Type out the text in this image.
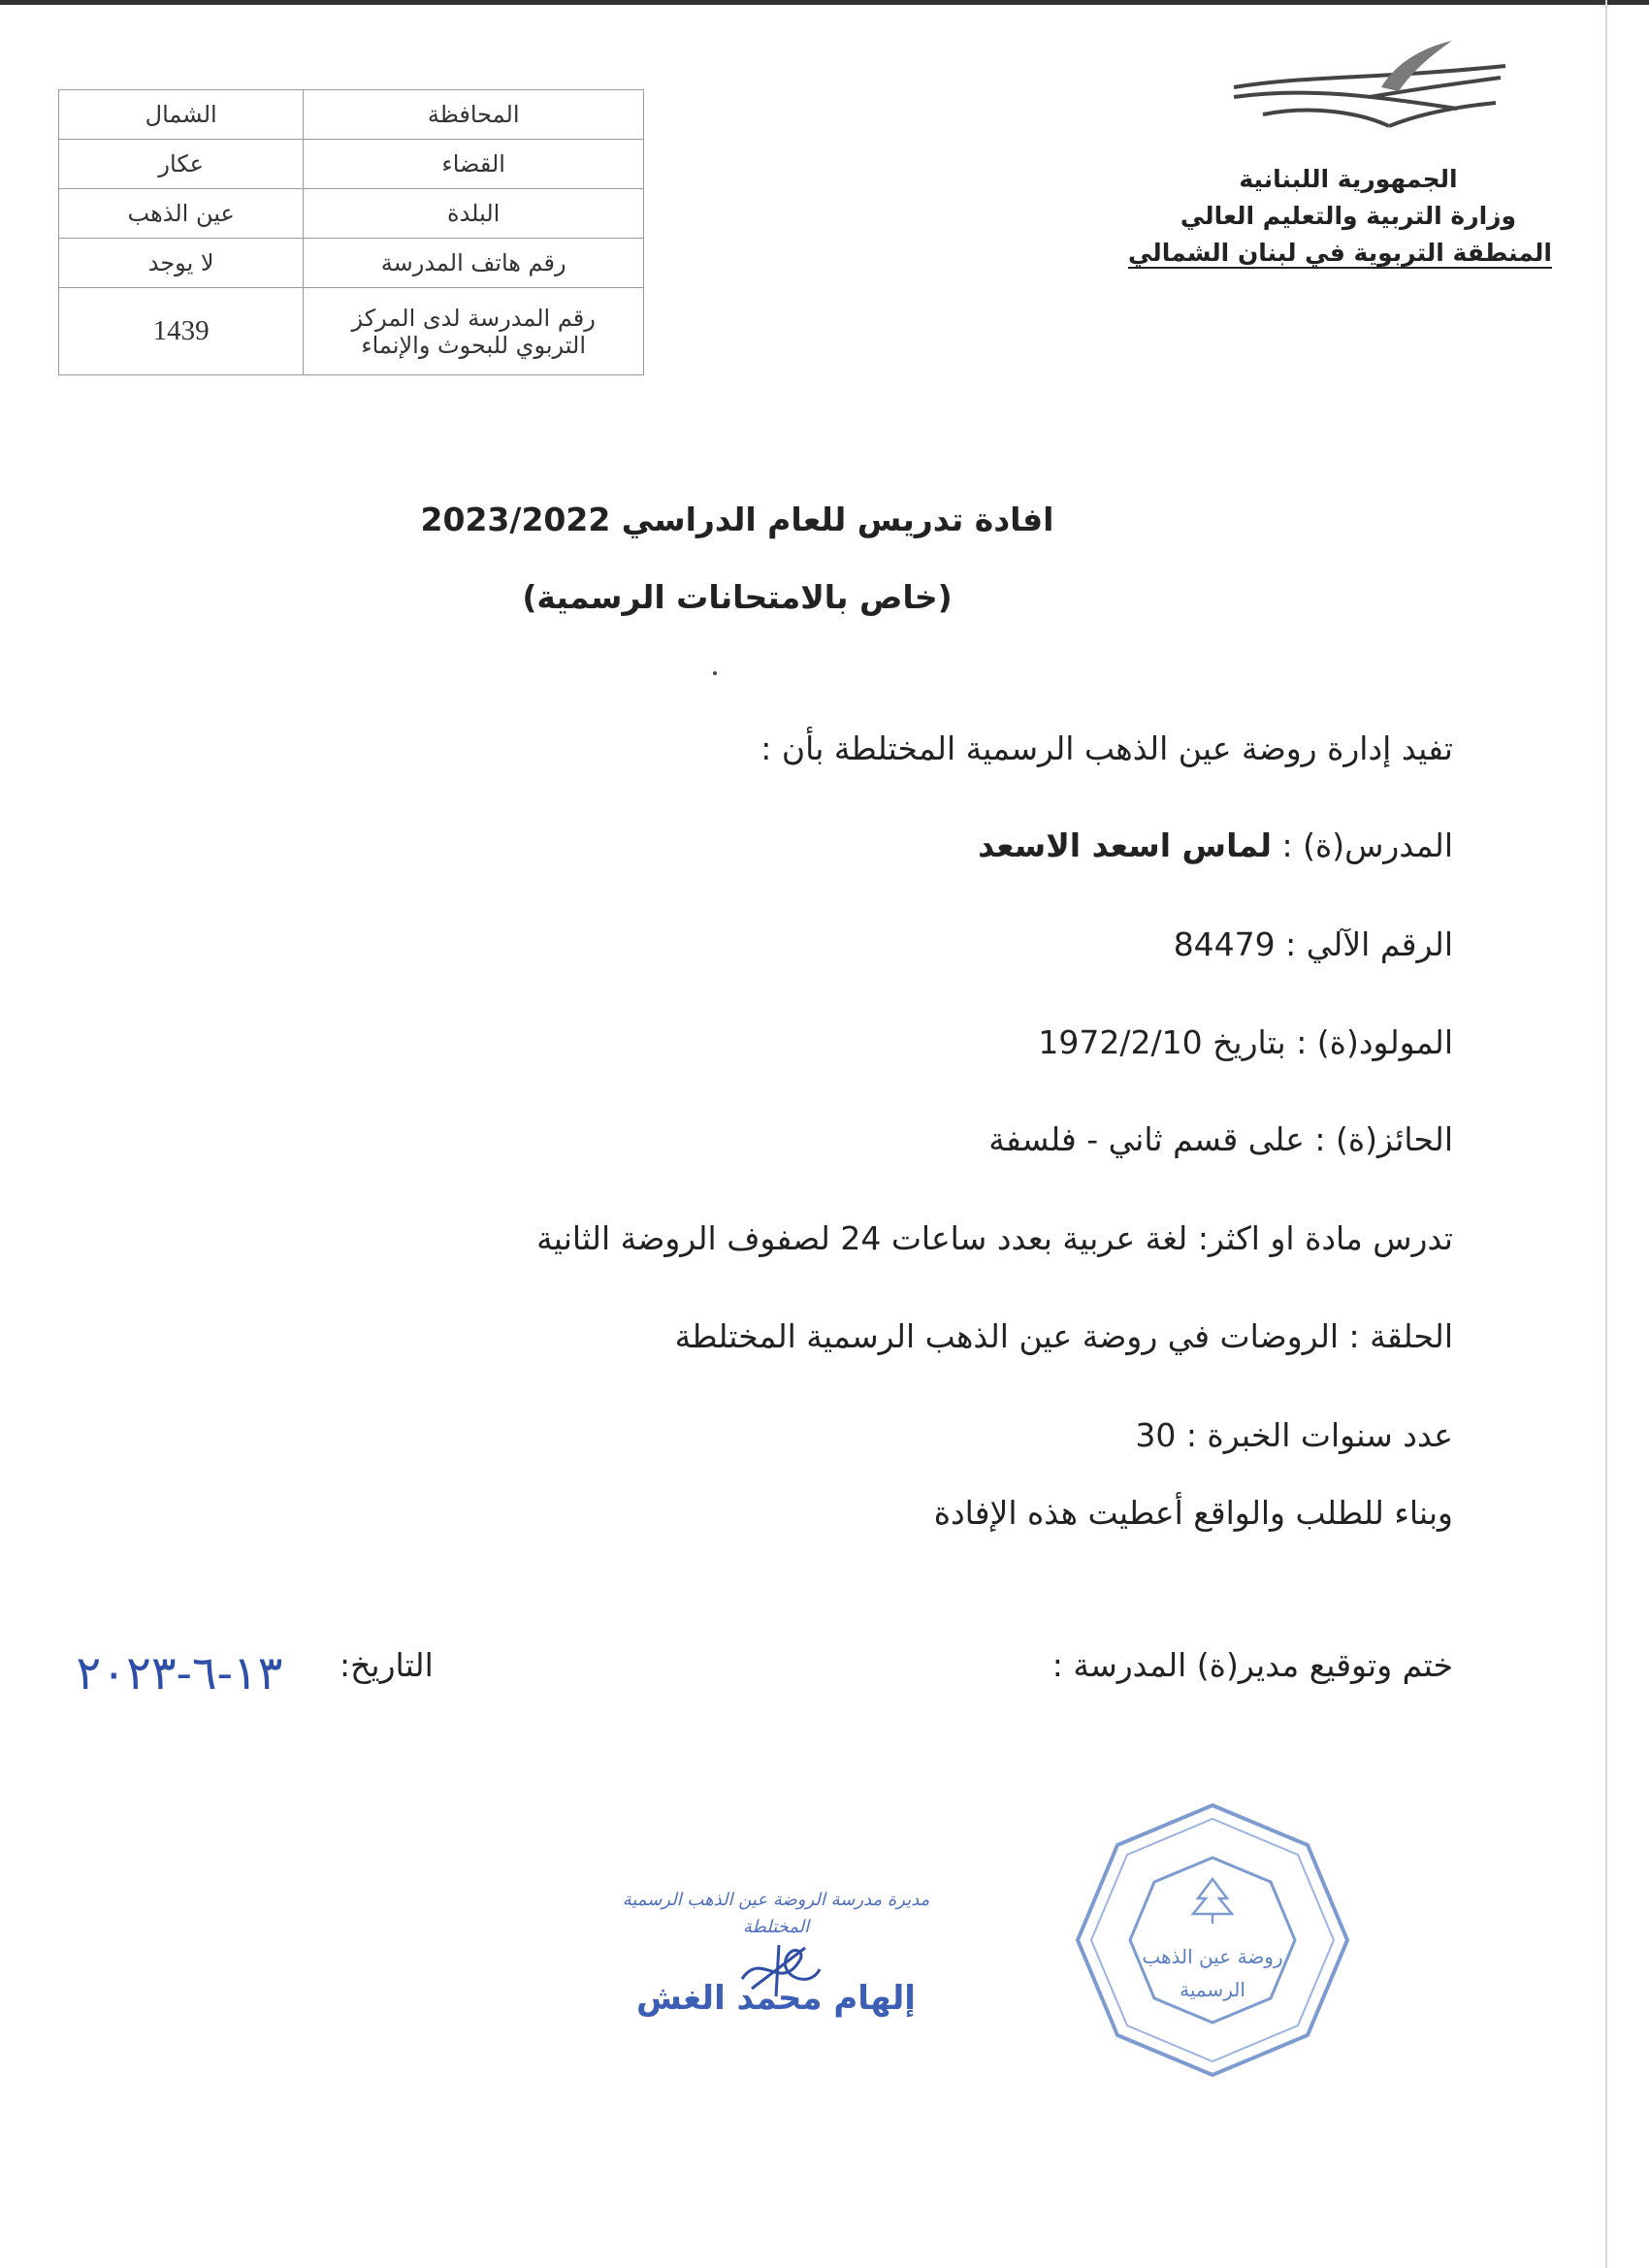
المحافظة	الشمال
القضاء	عكار
البلدة	عين الذهب
رقم هاتف المدرسة	لا يوجد

رقم المدرسة لدى المركز
التربوي للبحوث والإنماء	1439
الجمهورية اللبنانية
وزارة التربية والتعليم العالي
المنطقة التربوية في لبنان الشمالي
افادة تدريس للعام الدراسي 2023/2022
(خاص بالامتحانات الرسمية)
تفيد إدارة روضة عين الذهب الرسمية المختلطة بأن :
المدرس(ة) : لماس اسعد الاسعد
الرقم الآلي : 84479
المولود(ة) : بتاريخ 1972/2/10
الحائز(ة) : على قسم ثاني - فلسفة
تدرس مادة او اكثر: لغة عربية بعدد ساعات 24 لصفوف الروضة الثانية
الحلقة : الروضات في روضة عين الذهب الرسمية المختلطة
عدد سنوات الخبرة : 30
وبناء للطلب والواقع أعطيت هذه الإفادة
ختم وتوقيع مدير(ة) المدرسة :
١٣-٦-٢٠٢٣	التاريخ:
روضة عين الذهب
الرسمية
مديرة مدرسة الروضة عين الذهب الرسمية
المختلطة
إلهام محمد الغش
